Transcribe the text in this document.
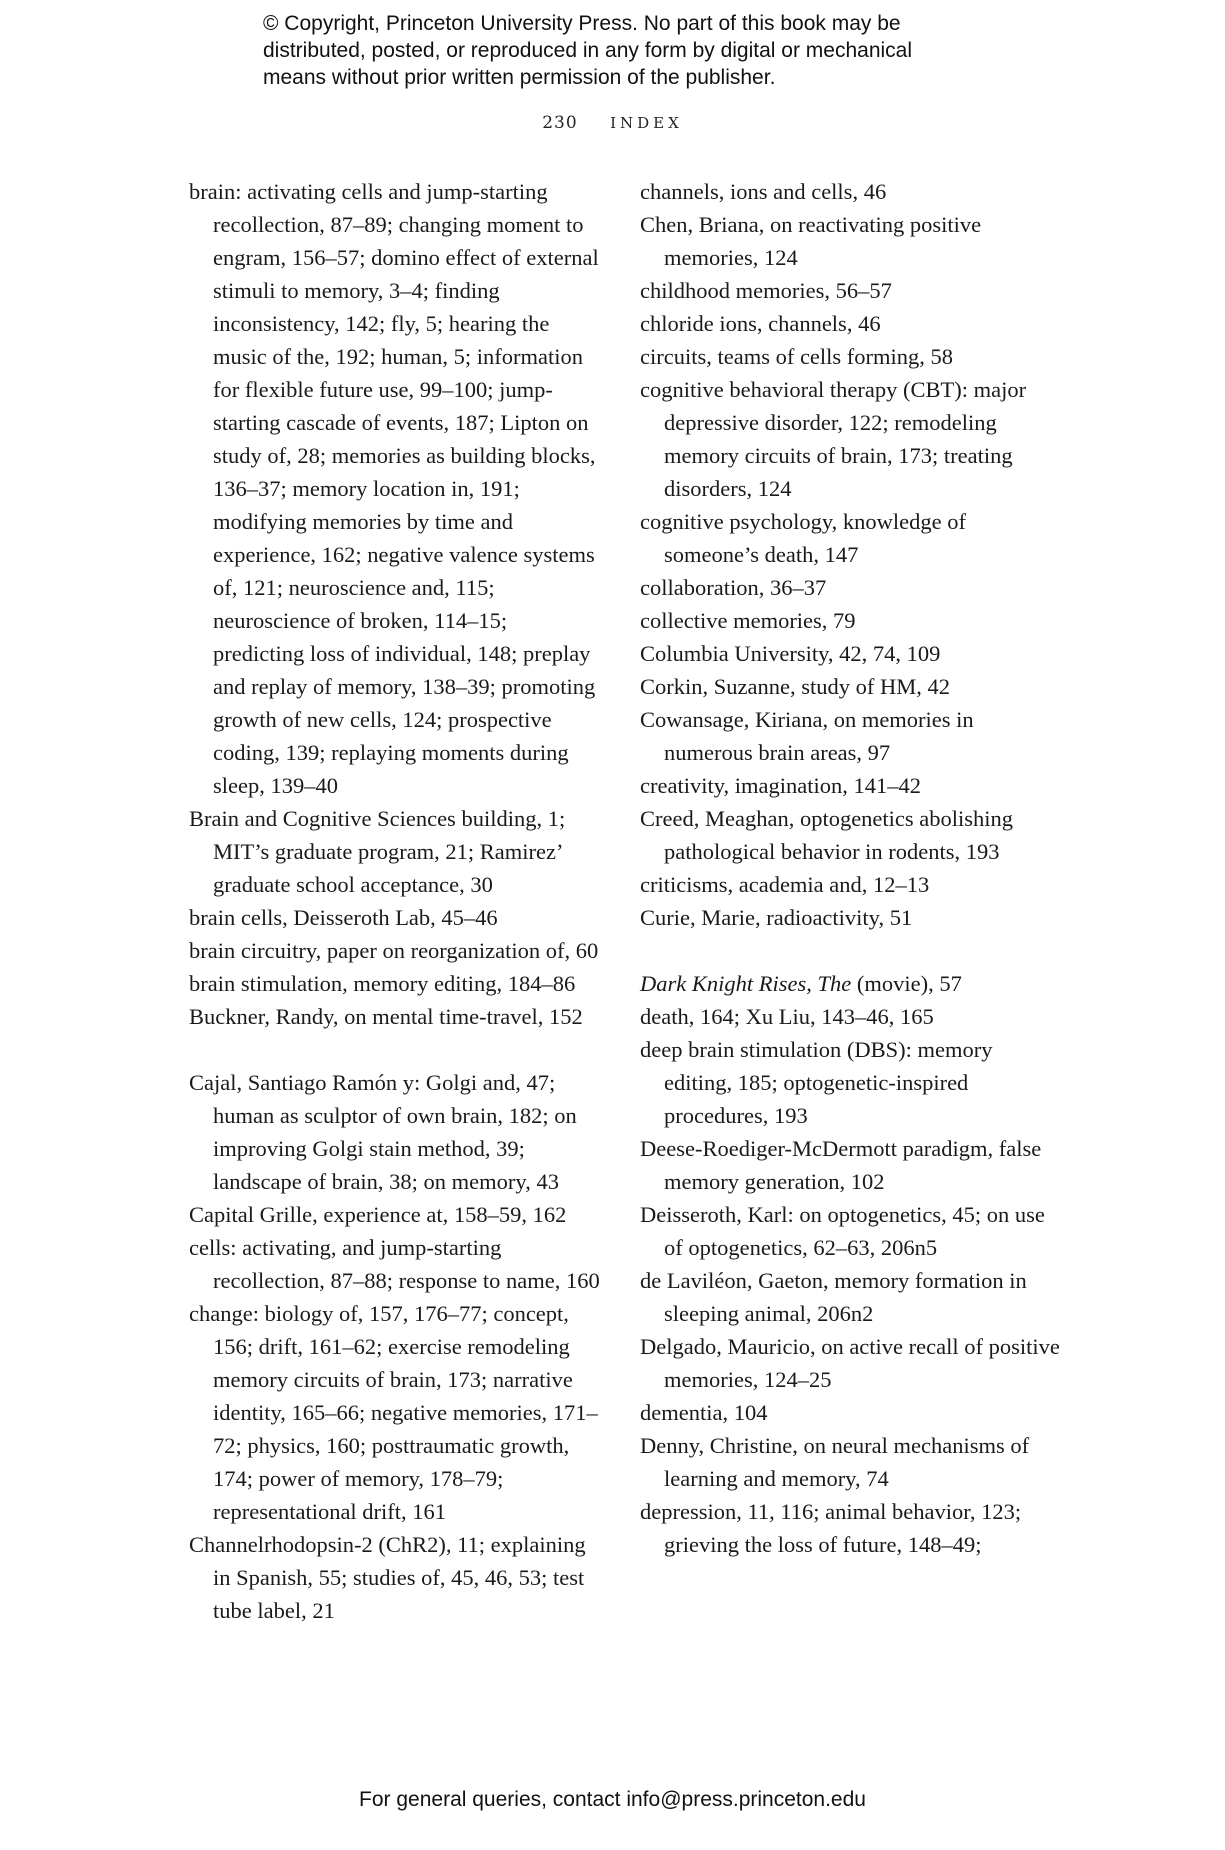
© Copyright, Princeton University Press. No part of this book may be
distributed, posted, or reproduced in any form by digital or mechanical
means without prior written permission of the publisher.
230 INDEX

brain: activating cells and jump-starting recollection, 87–89; changing moment to engram, 156–57; domino effect of external stimuli to memory, 3–4; finding inconsistency, 142; fly, 5; hearing the music of the, 192; human, 5; information for flexible future use, 99–100; jump-starting cascade of events, 187; Lipton on study of, 28; memories as building blocks, 136–37; memory location in, 191; modifying memories by time and experience, 162; negative valence systems of, 121; neuroscience and, 115; neuroscience of broken, 114–15; predicting loss of individual, 148; preplay and replay of memory, 138–39; promoting growth of new cells, 124; prospective coding, 139; replaying moments during sleep, 139–40

Brain and Cognitive Sciences building, 1; MIT’s graduate program, 21; Ramirez’ graduate school acceptance, 30

brain cells, Deisseroth Lab, 45–46

brain circuitry, paper on reorganization of, 60

brain stimulation, memory editing, 184–86

Buckner, Randy, on mental time-travel, 152

Cajal, Santiago Ramón y: Golgi and, 47; human as sculptor of own brain, 182; on improving Golgi stain method, 39; landscape of brain, 38; on memory, 43

Capital Grille, experience at, 158–59, 162

cells: activating, and jump-starting recollection, 87–88; response to name, 160

change: biology of, 157, 176–77; concept, 156; drift, 161–62; exercise remodeling memory circuits of brain, 173; narrative identity, 165–66; negative memories, 171–72; physics, 160; posttraumatic growth, 174; power of memory, 178–79; representational drift, 161

Channelrhodopsin-2 (ChR2), 11; explaining in Spanish, 55; studies of, 45, 46, 53; test tube label, 21

channels, ions and cells, 46

Chen, Briana, on reactivating positive memories, 124

childhood memories, 56–57

chloride ions, channels, 46

circuits, teams of cells forming, 58

cognitive behavioral therapy (CBT): major depressive disorder, 122; remodeling memory circuits of brain, 173; treating disorders, 124

cognitive psychology, knowledge of someone’s death, 147

collaboration, 36–37

collective memories, 79

Columbia University, 42, 74, 109

Corkin, Suzanne, study of HM, 42

Cowansage, Kiriana, on memories in numerous brain areas, 97

creativity, imagination, 141–42

Creed, Meaghan, optogenetics abolishing pathological behavior in rodents, 193

criticisms, academia and, 12–13

Curie, Marie, radioactivity, 51

Dark Knight Rises, The (movie), 57

death, 164; Xu Liu, 143–46, 165

deep brain stimulation (DBS): memory editing, 185; optogenetic-inspired procedures, 193

Deese-Roediger-McDermott paradigm, false memory generation, 102

Deisseroth, Karl: on optogenetics, 45; on use of optogenetics, 62–63, 206n5

de Laviléon, Gaeton, memory formation in sleeping animal, 206n2

Delgado, Mauricio, on active recall of positive memories, 124–25

dementia, 104

Denny, Christine, on neural mechanisms of learning and memory, 74

depression, 11, 116; animal behavior, 123; grieving the loss of future, 148–49;

For general queries, contact info@press.princeton.edu
